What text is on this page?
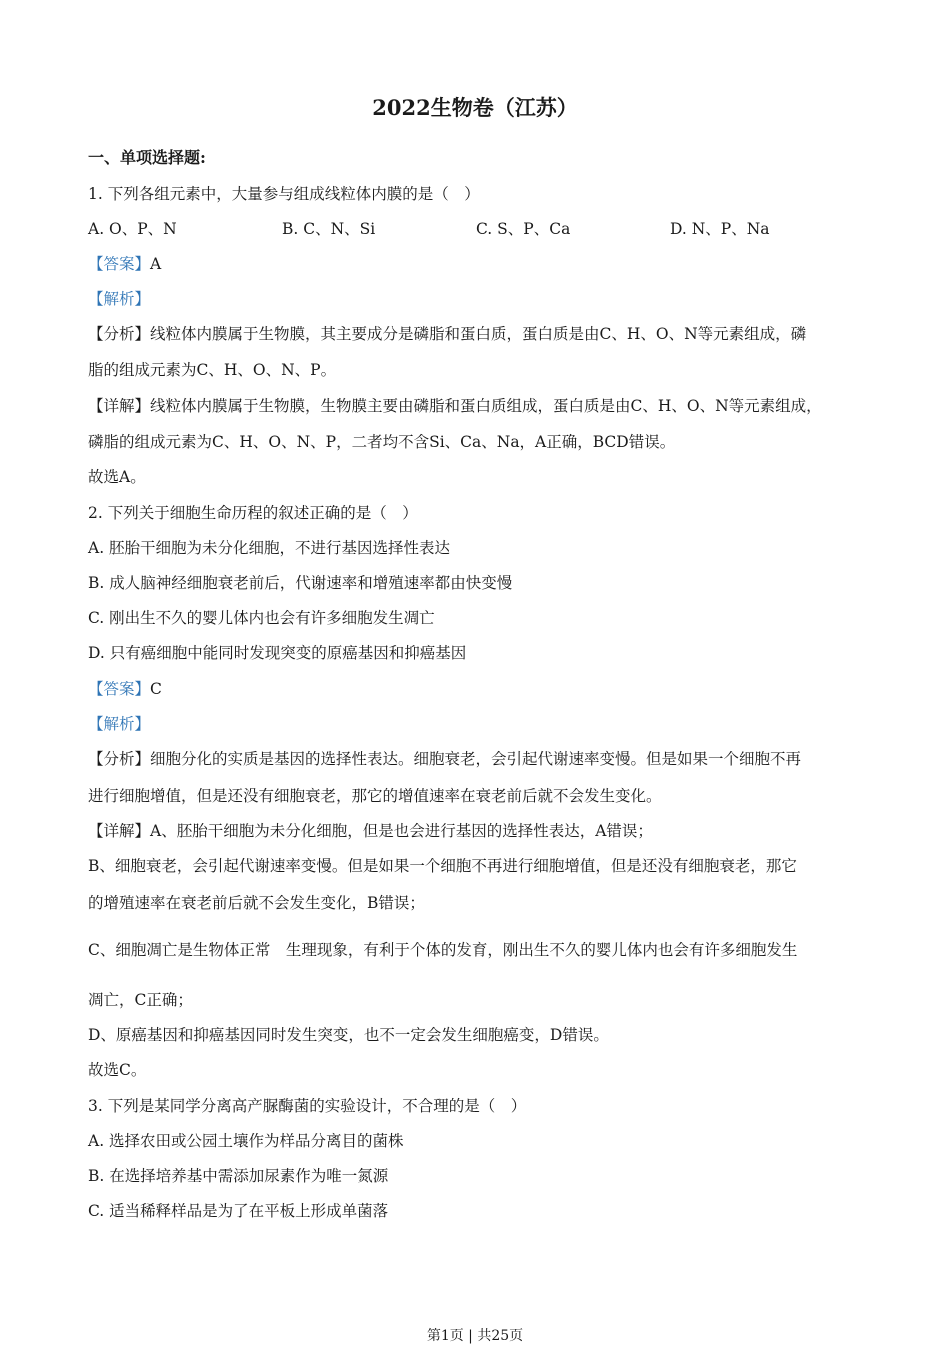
2022生物卷（江苏）
一、单项选择题:
1. 下列各组元素中，大量参与组成线粒体内膜的是（　）
A. O、P、N	B. C、N、Si	C. S、P、Ca	D. N、P、Na
【答案】A
【解析】
【分析】线粒体内膜属于生物膜，其主要成分是磷脂和蛋白质，蛋白质是由C、H、O、N等元素组成，磷
脂的组成元素为C、H、O、N、P。
【详解】线粒体内膜属于生物膜，生物膜主要由磷脂和蛋白质组成，蛋白质是由C、H、O、N等元素组成，
磷脂的组成元素为C、H、O、N、P，二者均不含Si、Ca、Na，A正确，BCD错误。
故选A。
2. 下列关于细胞生命历程的叙述正确的是（　）
A. 胚胎干细胞为未分化细胞，不进行基因选择性表达
B. 成人脑神经细胞衰老前后，代谢速率和增殖速率都由快变慢
C. 刚出生不久的婴儿体内也会有许多细胞发生凋亡
D. 只有癌细胞中能同时发现突变的原癌基因和抑癌基因
【答案】C
【解析】
【分析】细胞分化的实质是基因的选择性表达。细胞衰老，会引起代谢速率变慢。但是如果一个细胞不再
进行细胞增值，但是还没有细胞衰老，那它的增值速率在衰老前后就不会发生变化。
【详解】A、胚胎干细胞为未分化细胞，但是也会进行基因的选择性表达，A错误；
B、细胞衰老，会引起代谢速率变慢。但是如果一个细胞不再进行细胞增值，但是还没有细胞衰老，那它
的增殖速率在衰老前后就不会发生变化，B错误；
C、细胞凋亡是生物体正常　生理现象，有利于个体的发育，刚出生不久的婴儿体内也会有许多细胞发生
凋亡，C正确；
D、原癌基因和抑癌基因同时发生突变，也不一定会发生细胞癌变，D错误。
故选C。
3. 下列是某同学分离高产脲酶菌的实验设计，不合理的是（　）
A. 选择农田或公园土壤作为样品分离目的菌株
B. 在选择培养基中需添加尿素作为唯一氮源
C. 适当稀释样品是为了在平板上形成单菌落
第1页 | 共25页
